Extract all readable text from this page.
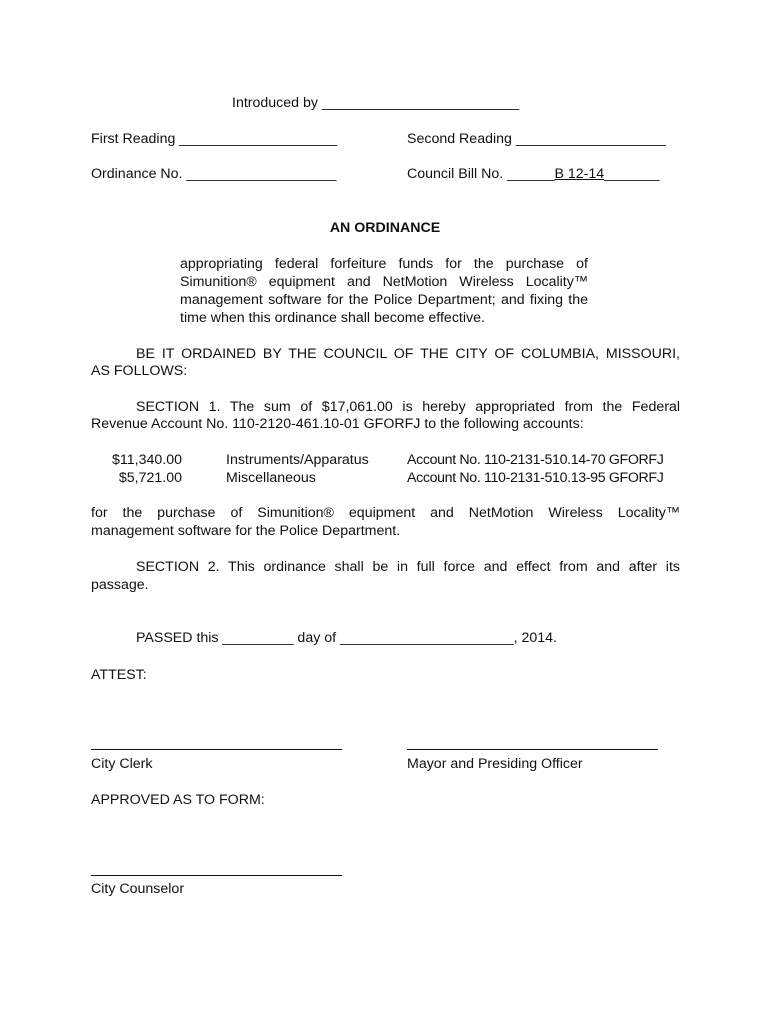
Introduced by _________________________
First Reading ____________________	Second Reading ___________________
Ordinance No. ___________________	Council Bill No. ______B 12-14_______
AN ORDINANCE
appropriating federal forfeiture funds for the purchase of
Simunition® equipment and NetMotion Wireless Locality™
management software for the Police Department; and fixing the
time when this ordinance shall become effective.
BE IT ORDAINED BY THE COUNCIL OF THE CITY OF COLUMBIA, MISSOURI,
AS FOLLOWS:
SECTION 1. The sum of $17,061.00 is hereby appropriated from the Federal
Revenue Account No. 110-2120-461.10-01 GFORFJ to the following accounts:
$11,340.00	Instruments/Apparatus	Account No. 110-2131-510.14-70 GFORFJ
$5,721.00	Miscellaneous	Account No. 110-2131-510.13-95 GFORFJ
for the purchase of Simunition® equipment and NetMotion Wireless Locality™
management software for the Police Department.
SECTION 2. This ordinance shall be in full force and effect from and after its
passage.
PASSED this _________ day of ______________________, 2014.
ATTEST:
City Clerk	Mayor and Presiding Officer
APPROVED AS TO FORM:
City Counselor
